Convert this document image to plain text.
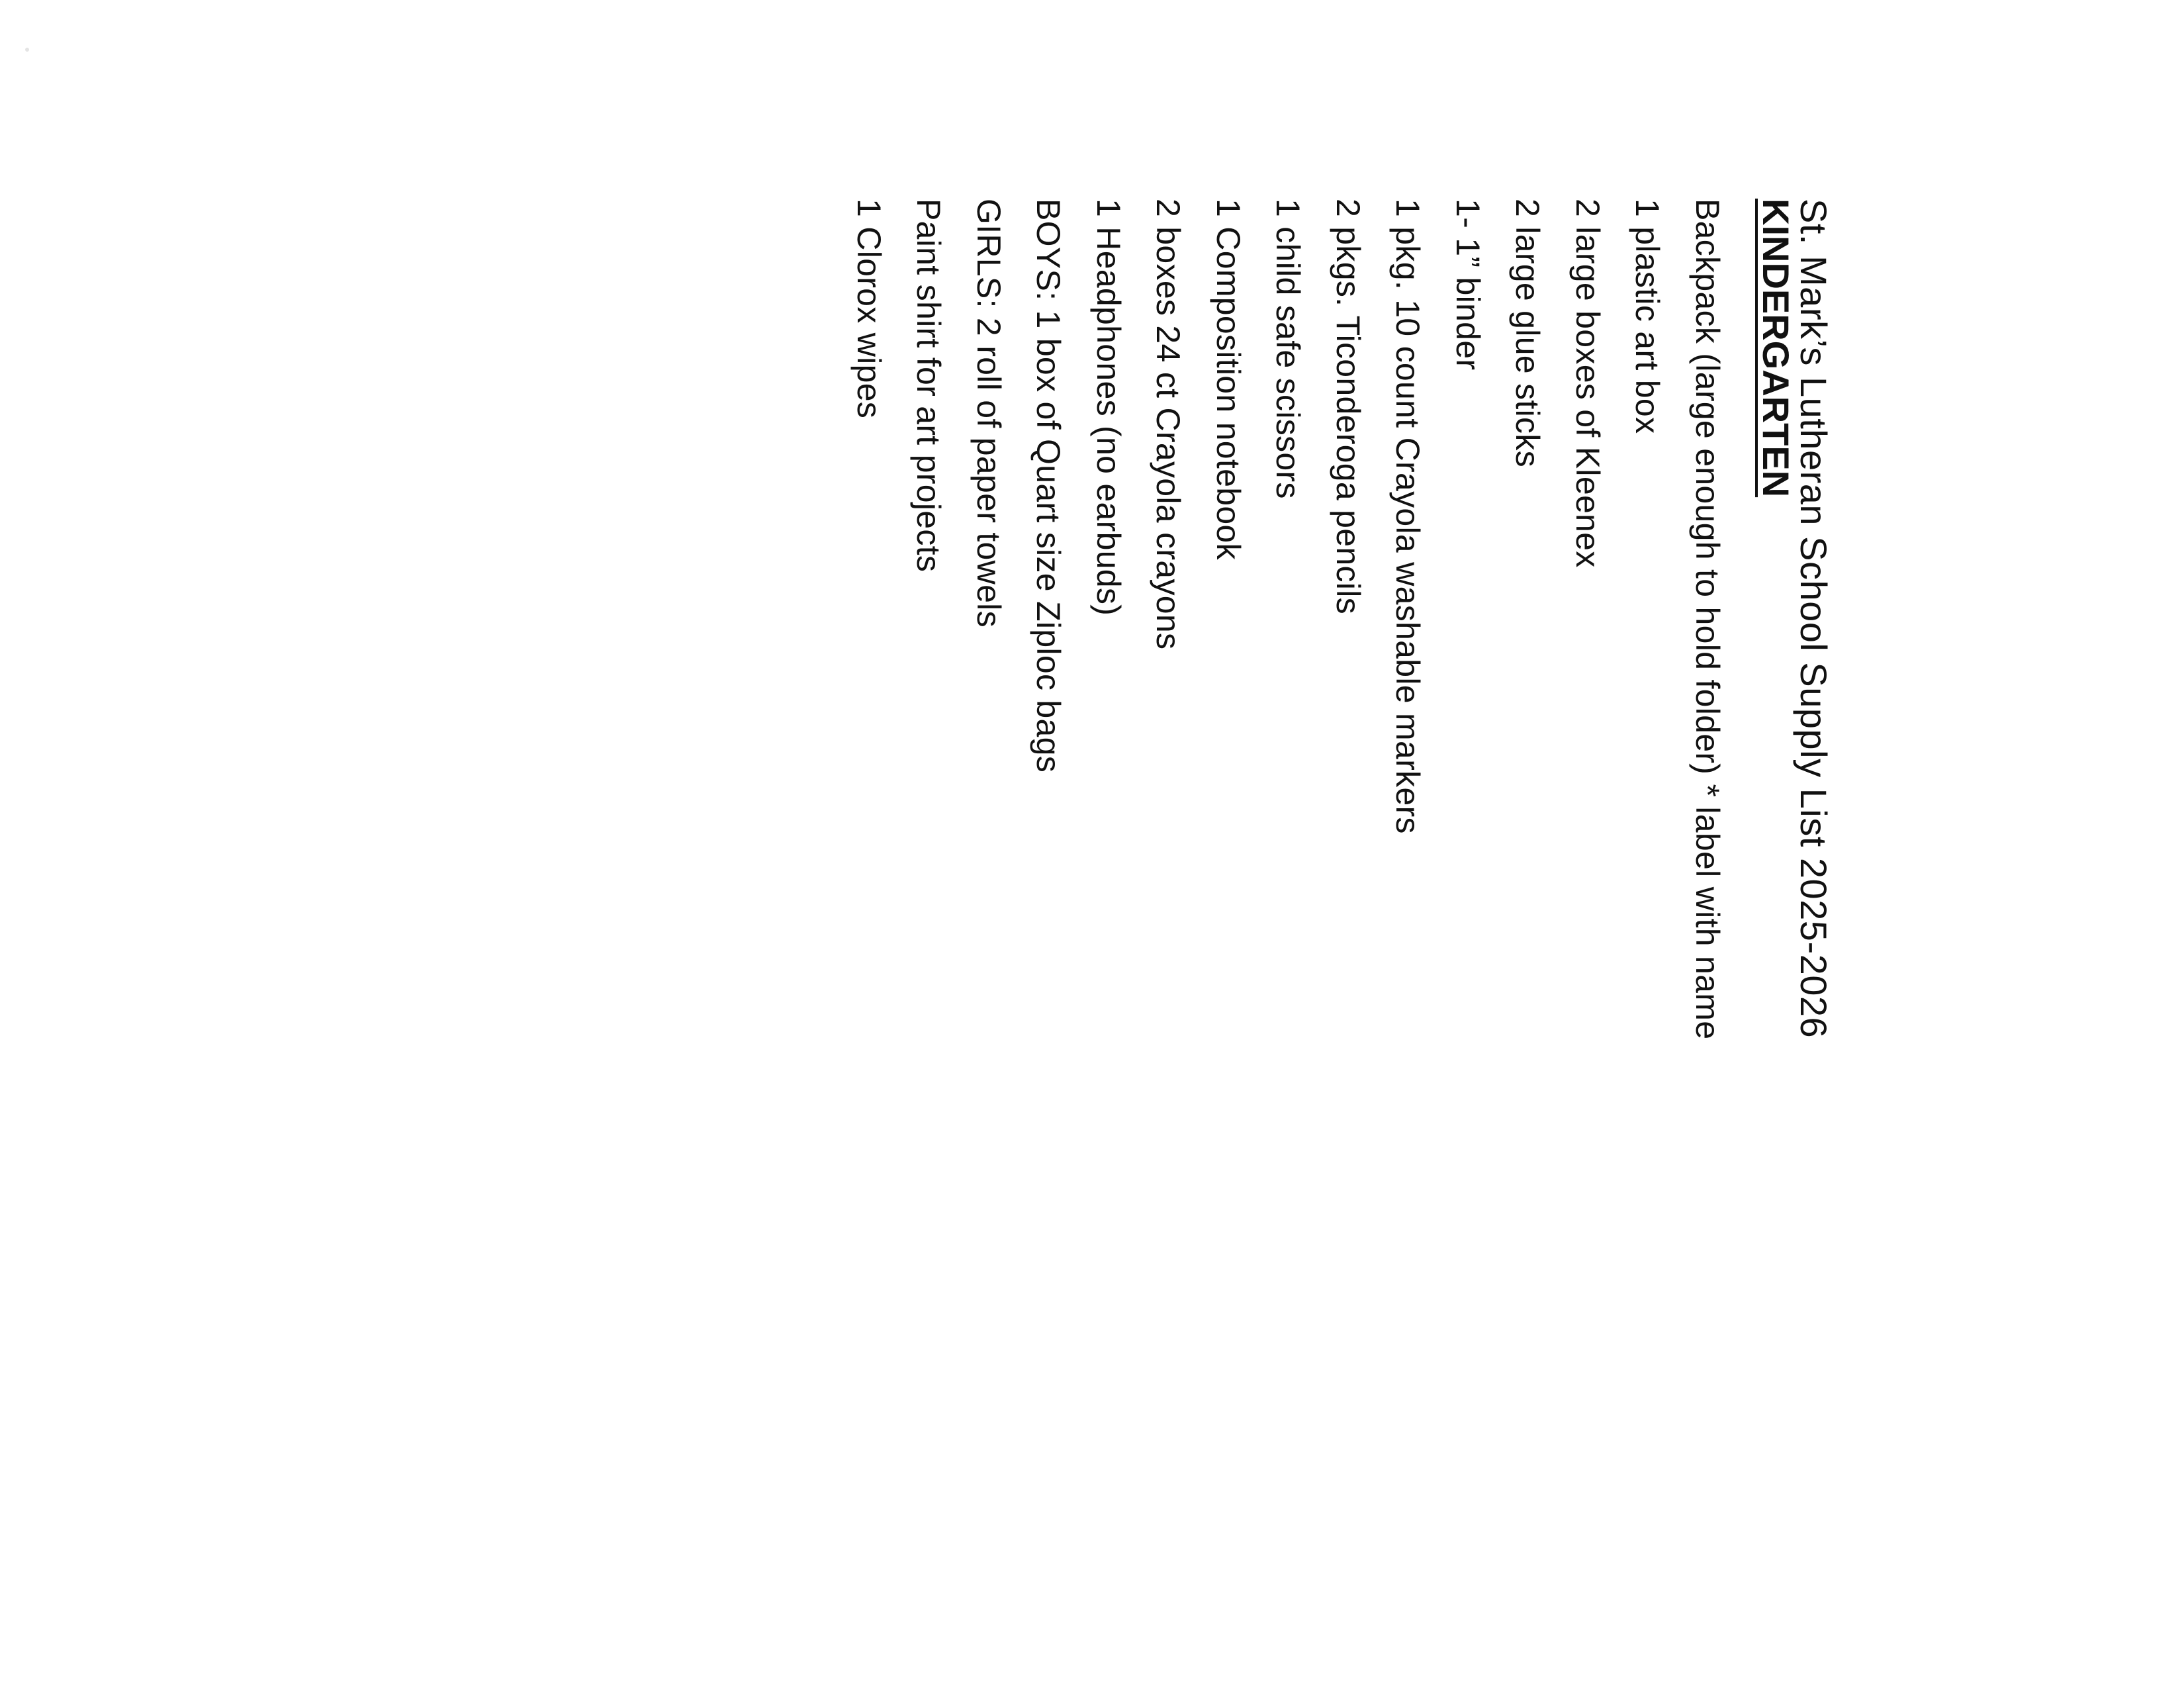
St. Mark’s Lutheran School Supply List 2025-2026
KINDERGARTEN
Backpack (large enough to hold folder) * label with name
1 plastic art box
2 large boxes of Kleenex
2 large glue sticks
1- 1” binder
1 pkg. 10 count Crayola washable markers
2 pkgs. Ticonderoga pencils
1 child safe scissors
1 Composition notebook
2 boxes 24 ct Crayola crayons
1 Headphones (no earbuds)
BOYS: 1 box of Quart size Ziploc bags
GIRLS: 2 roll of paper towels
Paint shirt for art projects
1 Clorox wipes
